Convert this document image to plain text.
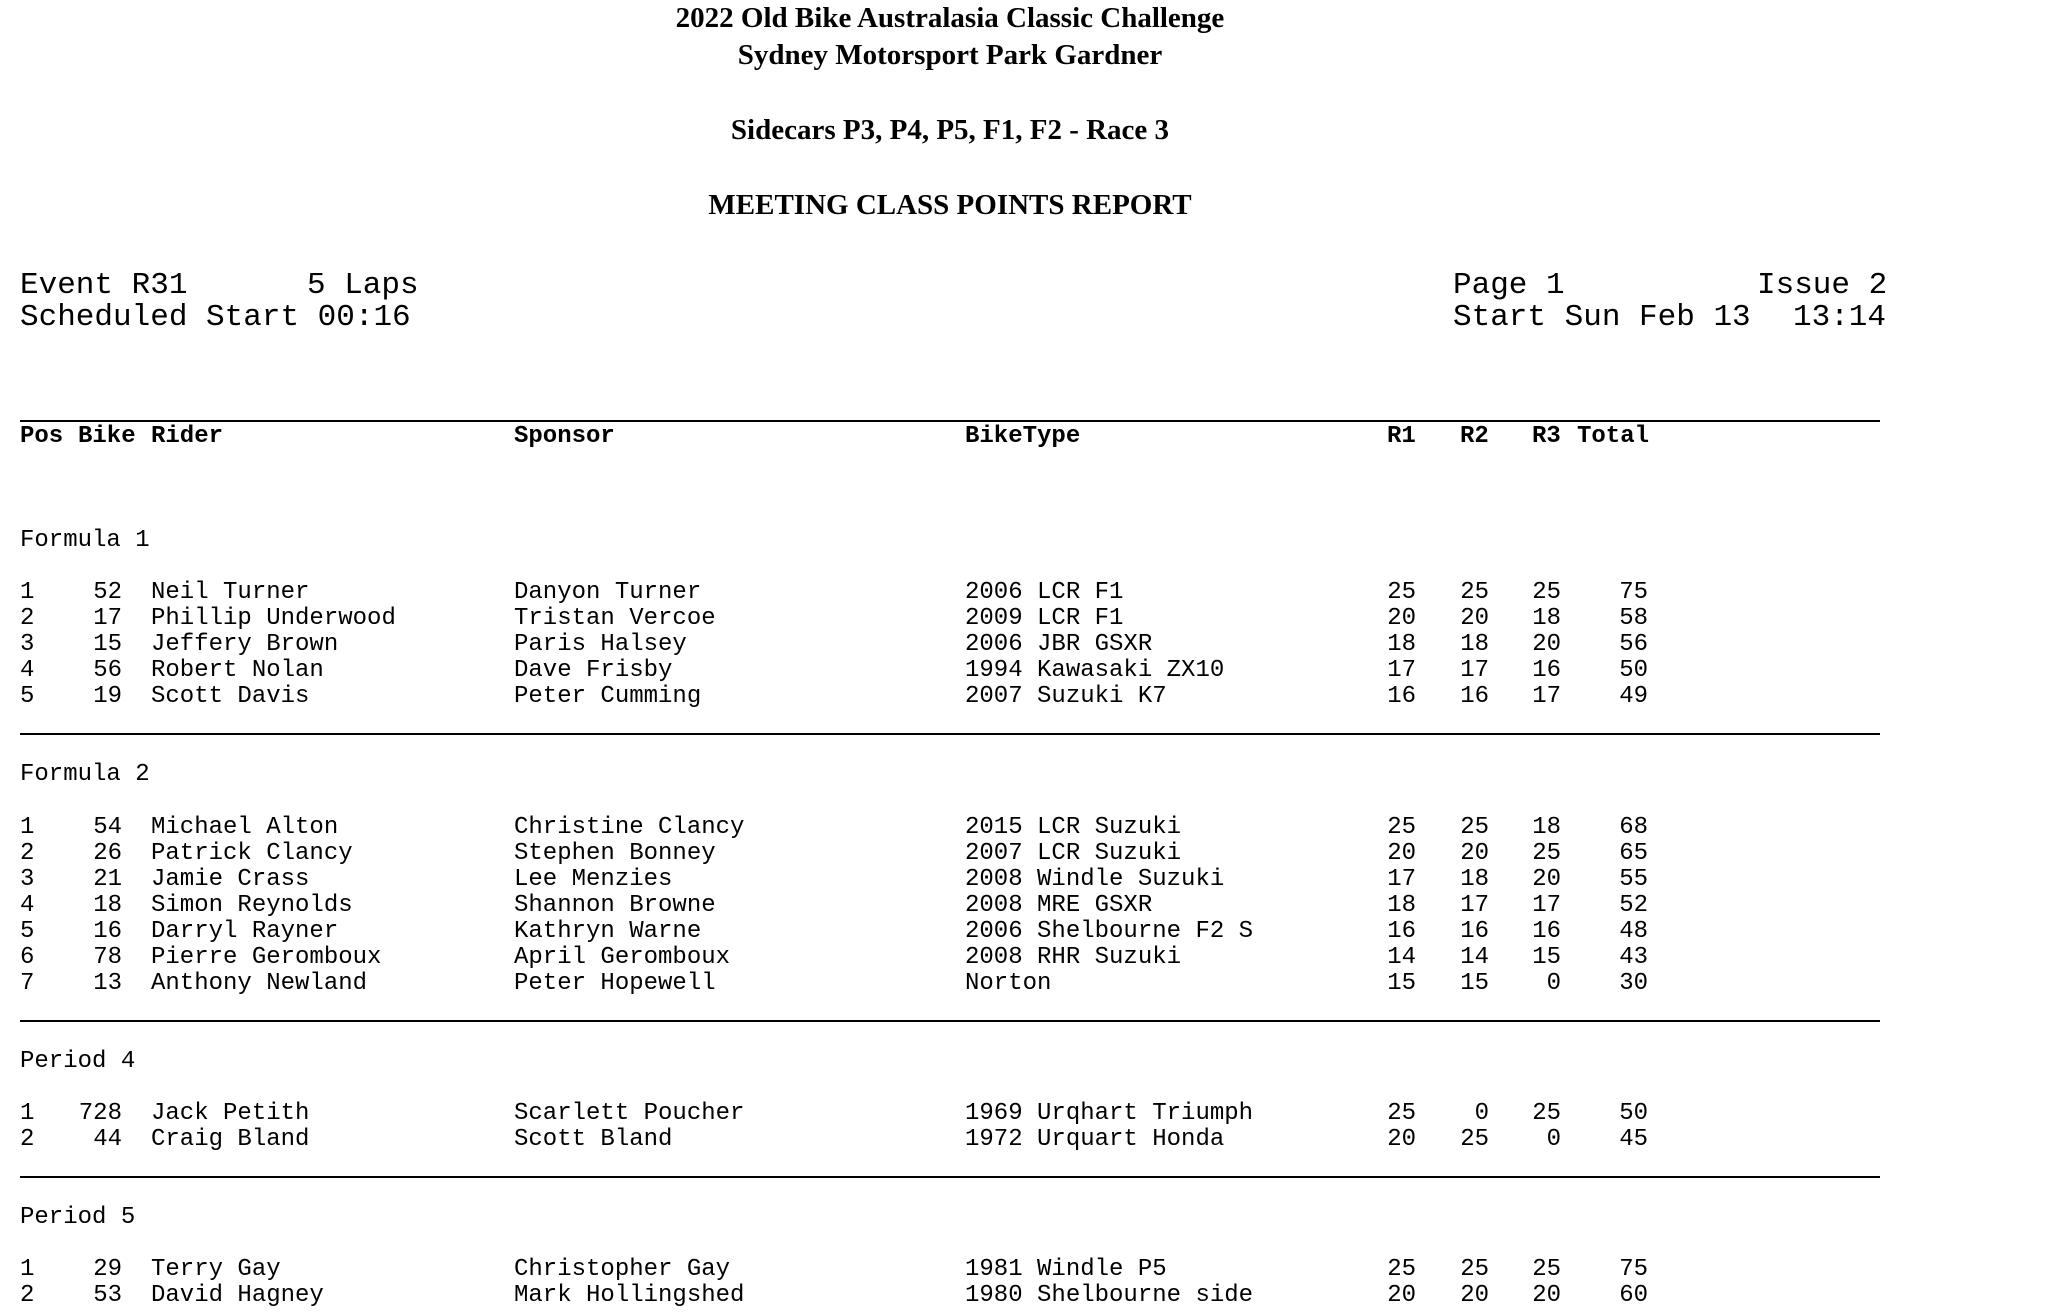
2022 Old Bike Australasia Classic Challenge
Sydney Motorsport Park Gardner
Sidecars P3, P4, P5, F1, F2 - Race 3
MEETING CLASS POINTS REPORT
Event R31	5 Laps
Scheduled Start 00:16
Page 1	Issue 2
Start Sun Feb 13 13:14
Pos Bike Rider	Sponsor	BikeType	R1 R2 R3 Total
Formula 1
1	52 Neil Turner	Danyon Turner	2006 LCR F1	25 25 25	75
2	17 Phillip Underwood	Tristan Vercoe	2009 LCR F1	20 20 18	58
3	15 Jeffery Brown	Paris Halsey	2006 JBR GSXR	18 18 20	56
4	56 Robert Nolan	Dave Frisby	1994 Kawasaki ZX10	17 17 16	50
5	19 Scott Davis	Peter Cumming	2007 Suzuki K7	16 16 17	49
Formula 2
1	54 Michael Alton	Christine Clancy	2015 LCR Suzuki	25 25 18	68
2	26 Patrick Clancy	Stephen Bonney	2007 LCR Suzuki	20 20 25	65
3	21 Jamie Crass	Lee Menzies	2008 Windle Suzuki	17 18 20	55
4	18 Simon Reynolds	Shannon Browne	2008 MRE GSXR	18 17 17	52
5	16 Darryl Rayner	Kathryn Warne	2006 Shelbourne F2 S	16 16 16	48
6	78 Pierre Geromboux	April Geromboux	2008 RHR Suzuki	14 14 15	43
7	13 Anthony Newland	Peter Hopewell	Norton	15 15	0	30
Period 4
1	728 Jack Petith	Scarlett Poucher	1969 Urqhart Triumph	25	0 25	50
2	44 Craig Bland	Scott Bland	1972 Urquart Honda	20 25	0	45
Period 5
1	29 Terry Gay	Christopher Gay	1981 Windle P5	25 25 25	75
2	53 David Hagney	Mark Hollingshed	1980 Shelbourne side	20 20 20	60
